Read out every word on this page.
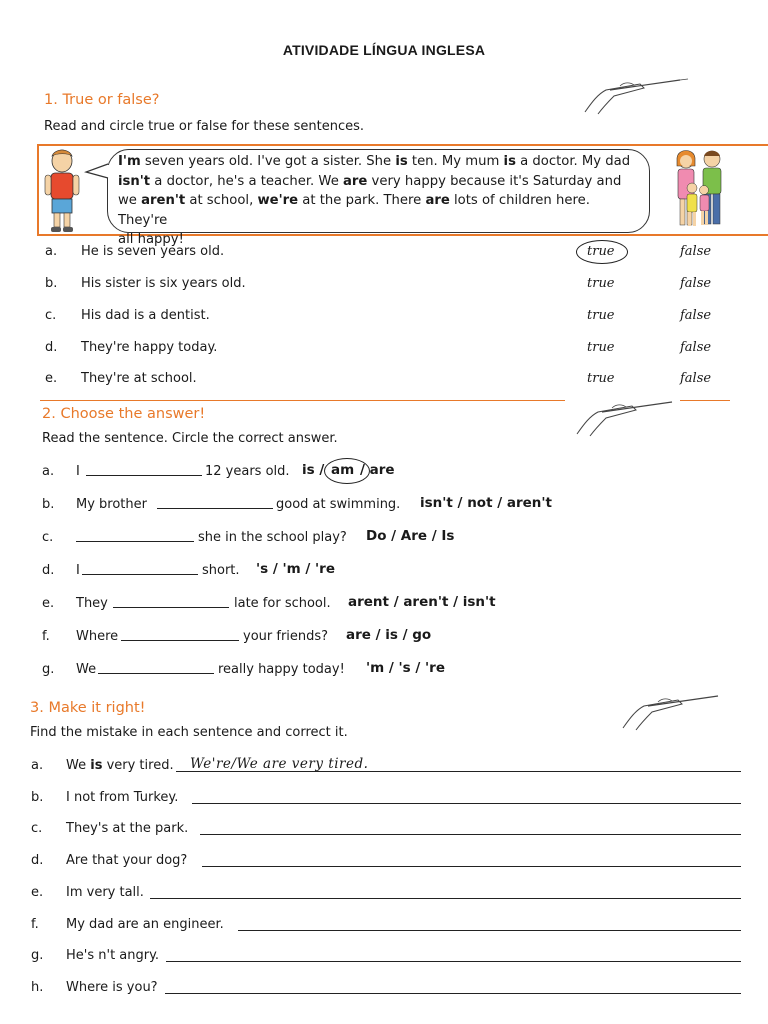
ATIVIDADE LÍNGUA INGLESA
1. True or false?
Read and circle true or false for these sentences.
I'm seven years old. I've got a sister. She is ten. My mum is a doctor. My dad
isn't a doctor, he's a teacher. We are very happy because it's Saturday and
we aren't at school, we're at the park. There are lots of children here. They're
all happy!
a. He is seven years old.	true	false
b. His sister is six years old.	true	false
c. His dad is a dentist.	true	false
d. They're happy today.	true	false
e. They're at school.	true	false
2. Choose the answer!
Read the sentence. Circle the correct answer.
a. I	12 years old. is / am / are
b. My brother	good at swimming. isn't / not / aren't
c.	she in the school play? Do / Are / Is
d. I	short. 's / 'm / 're
e. They	late for school. arent / aren't / isn't
f. Where	your friends? are / is / go
g. We	really happy today! 'm / 's / 're
3. Make it right!
Find the mistake in each sentence and correct it.
a. We is very tired. We're/We are very tired.
b. I not from Turkey.
c. They's at the park.
d. Are that your dog?
e. Im very tall.
f. My dad are an engineer.
g. He's n't angry.
h. Where is you?
